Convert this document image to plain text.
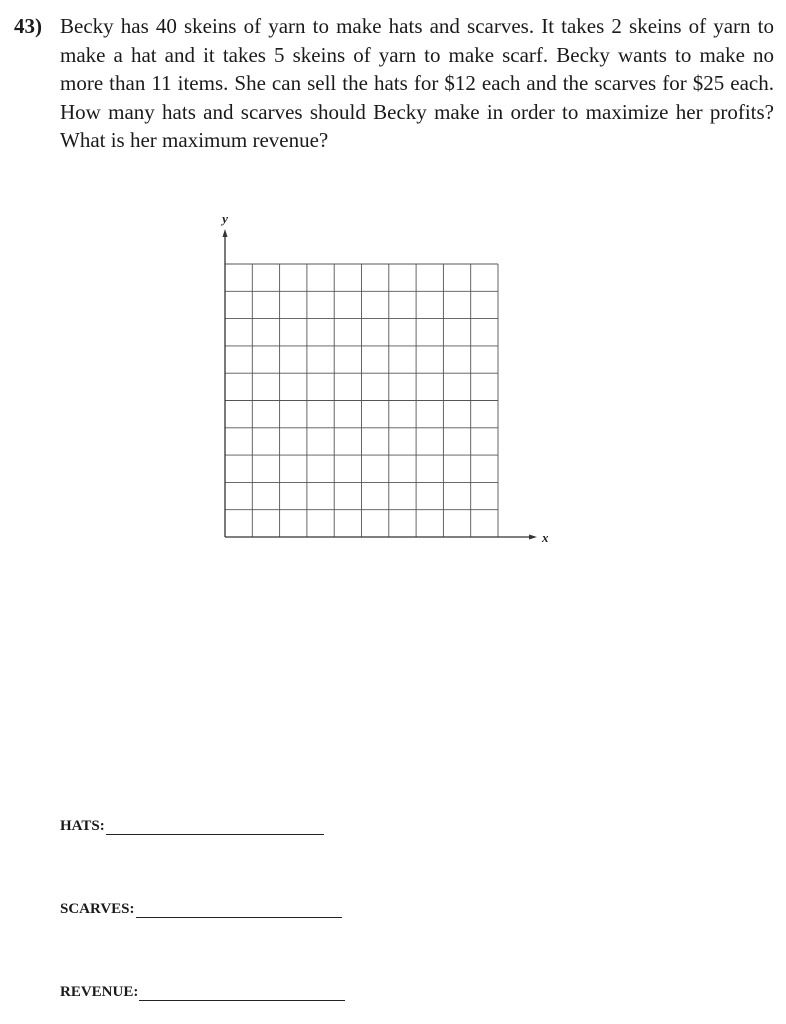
43) Becky has 40 skeins of yarn to make hats and scarves. It takes 2 skeins of yarn to make a hat and it takes 5 skeins of yarn to make scarf. Becky wants to make no more than 11 items. She can sell the hats for $12 each and the scarves for $25 each. How many hats and scarves should Becky make in order to maximize her profits? What is her maximum revenue?
y
x
HATS:
SCARVES:
REVENUE:
